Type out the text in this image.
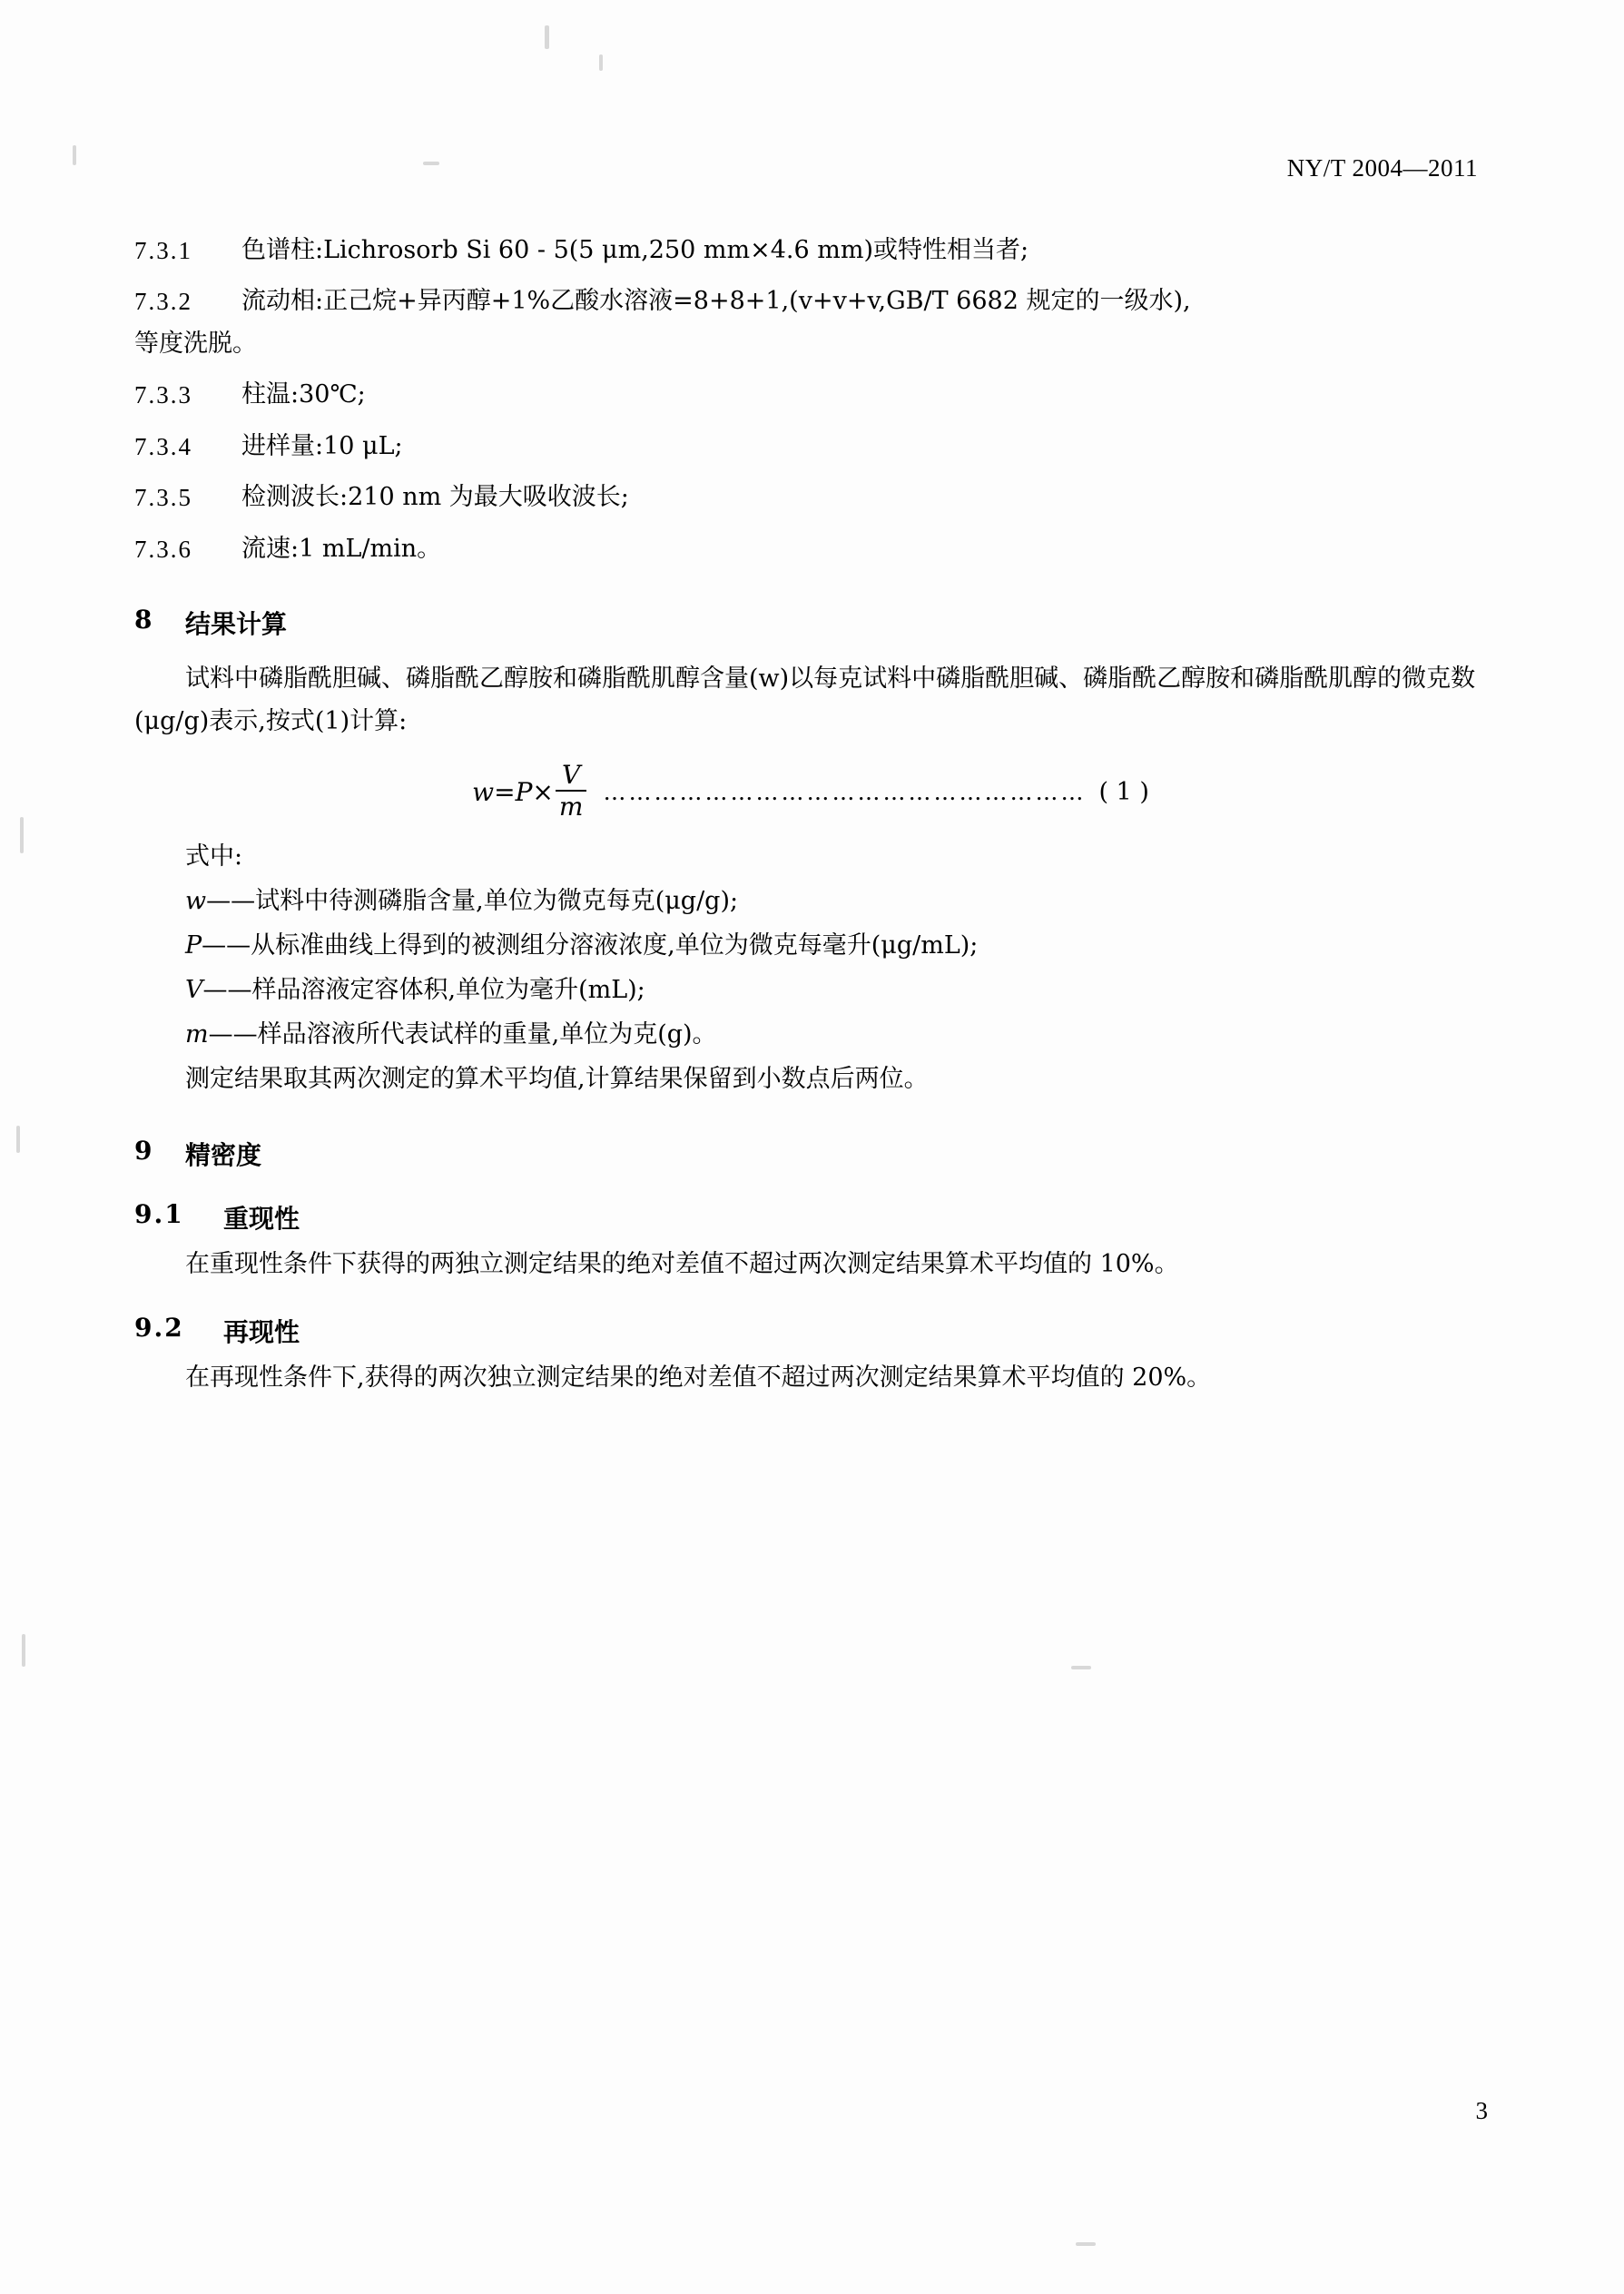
NY/T 2004—2011
7.3.1	色谱柱:Lichrosorb Si 60 - 5(5 μm,250 mm×4.6 mm)或特性相当者;
7.3.2	流动相:正己烷+异丙醇+1%乙酸水溶液=8+8+1,(v+v+v,GB/T 6682 规定的一级水),
等度洗脱。
7.3.3	柱温:30℃;
7.3.4	进样量:10 μL;
7.3.5	检测波长:210 nm 为最大吸收波长;
7.3.6	流速:1 mL/min。
8	结果计算
试料中磷脂酰胆碱、磷脂酰乙醇胺和磷脂酰肌醇含量(w)以每克试料中磷脂酰胆碱、磷脂酰乙醇胺和磷脂酰肌醇的微克数(μg/g)表示,按式(1)计算:
$w=P\times \frac{V}{m}$ ………………………………………………… ( 1 )
式中:
w——试料中待测磷脂含量,单位为微克每克(μg/g);
P——从标准曲线上得到的被测组分溶液浓度,单位为微克每毫升(μg/mL);
V——样品溶液定容体积,单位为毫升(mL);
m——样品溶液所代表试样的重量,单位为克(g)。
测定结果取其两次测定的算术平均值,计算结果保留到小数点后两位。
9	精密度
9.1	重现性
在重现性条件下获得的两独立测定结果的绝对差值不超过两次测定结果算术平均值的 10%。
9.2	再现性
在再现性条件下,获得的两次独立测定结果的绝对差值不超过两次测定结果算术平均值的 20%。
3
